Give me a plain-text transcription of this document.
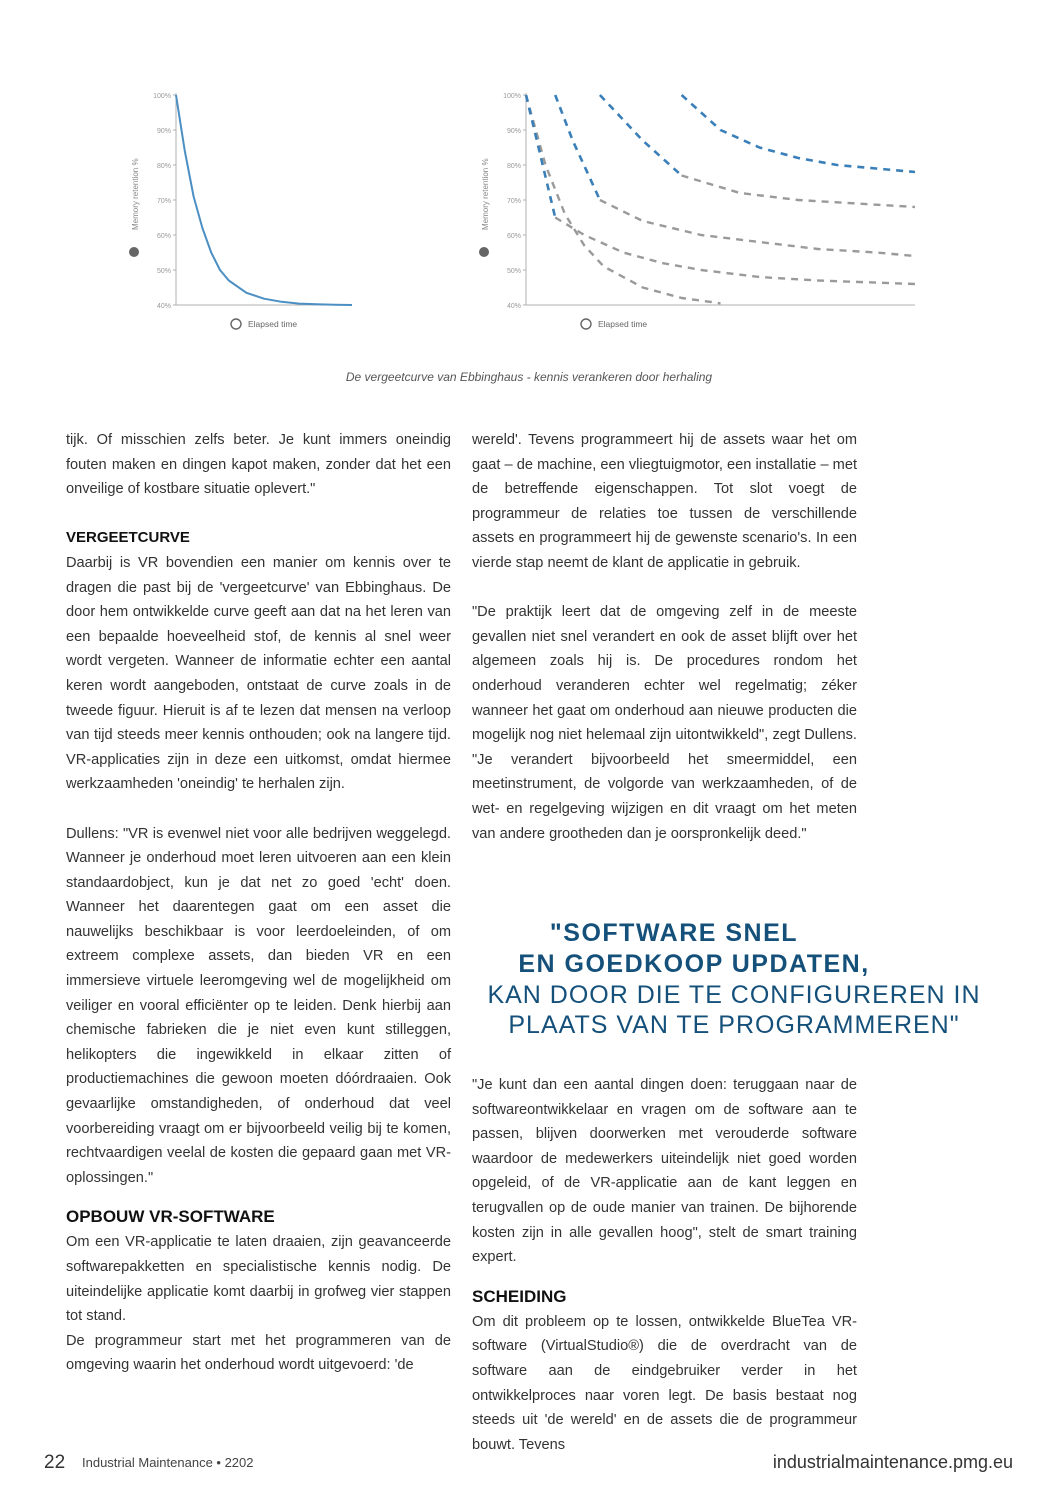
100%
90%
80%
70%
60%
50%
40%
Memory retention %
Elapsed time
100%
90%
80%
70%
60%
50%
40%
Memory retention %
Elapsed time
De vergeetcurve van Ebbinghaus - kennis verankeren door herhaling

tijk. Of misschien zelfs beter. Je kunt immers oneindig fouten maken en dingen kapot maken, zonder dat het een onveilige of kostbare situatie oplevert."

VERGEETCURVE

Daarbij is VR bovendien een manier om kennis over te dragen die past bij de 'vergeetcurve' van Ebbinghaus. De door hem ontwikkelde curve geeft aan dat na het leren van een bepaalde hoeveelheid stof, de kennis al snel weer wordt vergeten. Wanneer de informatie echter een aantal keren wordt aangeboden, ontstaat de curve zoals in de tweede figuur. Hieruit is af te lezen dat mensen na verloop van tijd steeds meer kennis onthouden; ook na langere tijd. VR-applicaties zijn in deze een uitkomst, omdat hiermee werkzaamheden 'oneindig' te herhalen zijn.

Dullens: "VR is evenwel niet voor alle bedrijven weggelegd. Wanneer je onderhoud moet leren uitvoeren aan een klein standaardobject, kun je dat net zo goed 'echt' doen. Wanneer het daarentegen gaat om een asset die nauwelijks beschikbaar is voor leerdoeleinden, of om extreem complexe assets, dan bieden VR en een immersieve virtuele leeromgeving wel de mogelijkheid om veiliger en vooral efficiënter op te leiden. Denk hierbij aan chemische fabrieken die je niet even kunt stilleggen, helikopters die ingewikkeld in elkaar zitten of productiemachines die gewoon moeten dóórdraaien. Ook gevaarlijke omstandigheden, of onderhoud dat veel voorbereiding vraagt om er bijvoorbeeld veilig bij te komen, rechtvaardigen veelal de kosten die gepaard gaan met VR-oplossingen."

OPBOUW VR-SOFTWARE

Om een VR-applicatie te laten draaien, zijn geavanceerde softwarepakketten en specialistische kennis nodig. De uiteindelijke applicatie komt daarbij in grofweg vier stappen tot stand.

De programmeur start met het programmeren van de omgeving waarin het onderhoud wordt uitgevoerd: 'de

wereld'. Tevens programmeert hij de assets waar het om gaat – de machine, een vliegtuigmotor, een installatie – met de betreffende eigenschappen. Tot slot voegt de programmeur de relaties toe tussen de verschillende assets en programmeert hij de gewenste scenario's. In een vierde stap neemt de klant de applicatie in gebruik.

"De praktijk leert dat de omgeving zelf in de meeste gevallen niet snel verandert en ook de asset blijft over het algemeen zoals hij is. De procedures rondom het onderhoud veranderen echter wel regelmatig; zéker wanneer het gaat om onderhoud aan nieuwe producten die mogelijk nog niet helemaal zijn uitontwikkeld", zegt Dullens. "Je verandert bijvoorbeeld het smeermiddel, een meetinstrument, de volgorde van werkzaamheden, of de wet- en regelgeving wijzigen en dit vraagt om het meten van andere grootheden dan je oorspronkelijk deed."

"SOFTWARE SNEL
EN GOEDKOOP UPDATEN,
KAN DOOR DIE TE CONFIGUREREN IN
PLAATS VAN TE PROGRAMMEREN"

"Je kunt dan een aantal dingen doen: teruggaan naar de softwareontwikkelaar en vragen om de software aan te passen, blijven doorwerken met verouderde software waardoor de medewerkers uiteindelijk niet goed worden opgeleid, of de VR-applicatie aan de kant leggen en terugvallen op de oude manier van trainen. De bijhorende kosten zijn in alle gevallen hoog", stelt de smart training expert.

SCHEIDING

Om dit probleem op te lossen, ontwikkelde BlueTea VR-software (VirtualStudio®) die de overdracht van de software aan de eindgebruiker verder in het ontwikkelproces naar voren legt. De basis bestaat nog steeds uit 'de wereld' en de assets die de programmeur bouwt. Tevens

22 Industrial Maintenance • 2202	industrialmaintenance.pmg.eu
